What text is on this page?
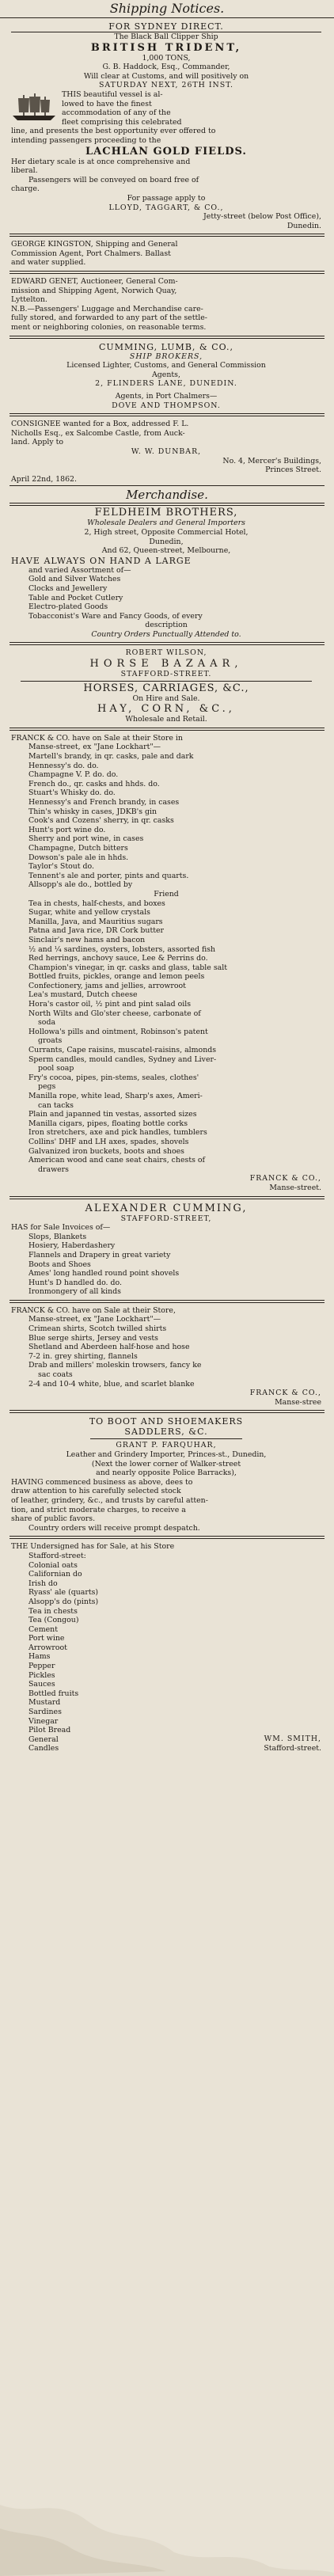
Shipping Notices.
FOR SYDNEY DIRECT.
The Black Ball Clipper Ship
BRITISH TRIDENT,
1,000 TONS,
G. B. Haddock, Esq., Commander,
Will clear at Customs, and will positively on
SATURDAY NEXT, 26TH INST.
THIS beautiful vessel is al-
lowed to have the finest
accommodation of any of the
fleet comprising this celebrated
line, and presents the best opportunity ever offered to
intending passengers proceeding to the
LACHLAN GOLD FIELDS.
Her dietary scale is at once comprehensive and
liberal.
Passengers will be conveyed on board free of
charge.
For passage apply to
LLOYD, TAGGART, & CO.,
Jetty-street (below Post Office),
Dunedin.
GEORGE KINGSTON, Shipping and General
Commission Agent, Port Chalmers. Ballast
and water supplied.
EDWARD GENET, Auctioneer, General Com-
mission and Shipping Agent, Norwich Quay,
Lyttelton.
N.B.—Passengers' Luggage and Merchandise care-
fully stored, and forwarded to any part of the settle-
ment or neighboring colonies, on reasonable terms.
CUMMING, LUMB, & CO.,
SHIP BROKERS,
Licensed Lighter, Customs, and General Commission
Agents,
2, FLINDERS LANE, DUNEDIN.
Agents, in Port Chalmers—
DOVE AND THOMPSON.
CONSIGNEE wanted for a Box, addressed F. L.
Nicholls Esq., ex Salcombe Castle, from Auck-
land. Apply to
W. W. DUNBAR,
No. 4, Mercer's Buildings,
Princes Street.
April 22nd, 1862.
Merchandise.
FELDHEIM BROTHERS,
Wholesale Dealers and General Importers
2, High street, Opposite Commercial Hotel,
Dunedin,
And 62, Queen-street, Melbourne,
HAVE ALWAYS ON HAND A LARGE
and varied Assortment of—
Gold and Silver Watches
Clocks and Jewellery
Table and Pocket Cutlery
Electro-plated Goods
Tobacconist's Ware and Fancy Goods, of every
description
Country Orders Punctually Attended to.
ROBERT WILSON,
HORSE BAZAAR,
STAFFORD-STREET.
HORSES, CARRIAGES, &C.,
On Hire and Sale.
HAY, CORN, &C.,
Wholesale and Retail.
FRANCK & CO. have on Sale at their Store in
Manse-street, ex "Jane Lockhart"—
Martell's brandy, in qr. casks, pale and dark
Hennessy's do. do.
Champagne V. P. do. do.
French do., qr. casks and hhds. do.
Stuart's Whisky do. do.
Hennessy's and French brandy, in cases
Thin's whisky in cases, JDKB's gin
Cook's and Cozens' sherry, in qr. casks
Hunt's port wine do.
Sherry and port wine, in cases
Champagne, Dutch bitters
Dowson's pale ale in hhds.
Taylor's Stout do.
Tennent's ale and porter, pints and quarts.
Allsopp's ale do., bottled by
Friend
Tea in chests, half-chests, and boxes
Sugar, white and yellow crystals
Manilla, Java, and Mauritius sugars
Patna and Java rice, DR Cork butter
Sinclair's new hams and bacon
½ and ¼ sardines, oysters, lobsters, assorted fish
Red herrings, anchovy sauce, Lee & Perrins do.
Champion's vinegar, in qr. casks and glass, table salt
Bottled fruits, pickles, orange and lemon peels
Confectionery, jams and jellies, arrowroot
Lea's mustard, Dutch cheese
Hora's castor oil, ½ pint and pint salad oils
North Wilts and Glo'ster cheese, carbonate of
soda
Hollowa's pills and ointment, Robinson's patent
groats
Currants, Cape raisins, muscatel-raisins, almonds
Sperm candles, mould candles, Sydney and Liver-
pool soap
Fry's cocoa, pipes, pin-stems, seales, clothes'
pegs
Manilla rope, white lead, Sharp's axes, Ameri-
can tacks
Plain and japanned tin vestas, assorted sizes
Manilla cigars, pipes, floating bottle corks
Iron stretchers, axe and pick handles, tumblers
Collins' DHF and LH axes, spades, shovels
Galvanized iron buckets, boots and shoes
American wood and cane seat chairs, chests of
drawers
FRANCK & CO.,
Manse-street.
ALEXANDER CUMMING,
STAFFORD-STREET,
HAS for Sale Invoices of—
Slops, Blankets
Hosiery, Haberdashery
Flannels and Drapery in great variety
Boots and Shoes
Ames' long handled round point shovels
Hunt's D handled do. do.
Ironmongery of all kinds
FRANCK & CO. have on Sale at their Store,
Manse-street, ex "Jane Lockhart"—
Crimean shirts, Scotch twilled shirts
Blue serge shirts, Jersey and vests
Shetland and Aberdeen half-hose and hose
7-2 in. grey shirting, flannels
Drab and millers' moleskin trowsers, fancy ke
sac coats
2-4 and 10-4 white, blue, and scarlet blanke
FRANCK & CO.,
Manse-stree
TO BOOT AND SHOEMAKERS
SADDLERS, &C.
GRANT P. FARQUHAR,
Leather and Grindery Importer, Princes-st., Dunedin,
(Next the lower corner of Walker-street
and nearly opposite Police Barracks),
HAVING commenced business as above, dees to
draw attention to his carefully selected stock
of leather, grindery, &c., and trusts by careful atten-
tion, and strict moderate charges, to receive a
share of public favors.
Country orders will receive prompt despatch.
THE Undersigned has for Sale, at his Store
Stafford-street:
Colonial oats
Californian do
Irish do
Ryass' ale (quarts)
Alsopp's do (pints)
Tea in chests
Tea (Congou)
Cement
Port wine
Arrowroot
Hams
Pepper
Pickles
Sauces
Bottled fruits
Mustard
Sardines
Vinegar
Pilot Bread
General
Candles
WM. SMITH,
Stafford-street.
